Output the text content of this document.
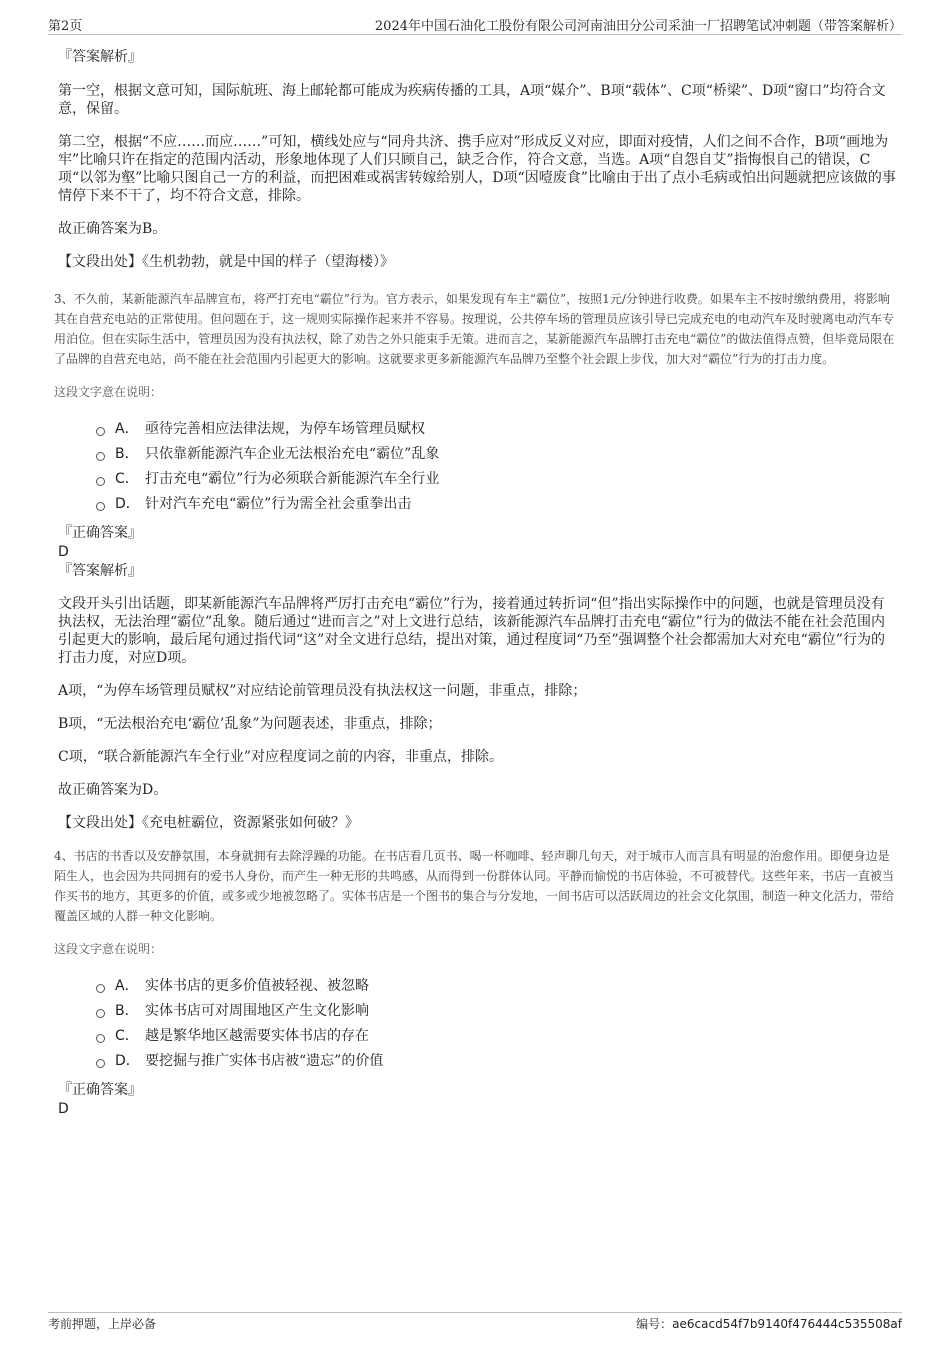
第2页	2024年中国石油化工股份有限公司河南油田分公司采油一厂招聘笔试冲刺题（带答案解析）

『答案解析』

第一空，根据文意可知，国际航班、海上邮轮都可能成为疾病传播的工具，A项“媒介”、B项“载体”、C项“桥梁”、D项“窗口”均符合文意，保留。

第二空，根据“不应……而应……”可知，横线处应与“同舟共济、携手应对”形成反义对应，即面对疫情，人们之间不合作，B项“画地为牢”比喻只许在指定的范围内活动，形象地体现了人们只顾自己，缺乏合作，符合文意，当选。A项“自怨自艾”指悔恨自己的错误，C项“以邻为壑”比喻只图自己一方的利益，而把困难或祸害转嫁给别人，D项“因噎废食”比喻由于出了点小毛病或怕出问题就把应该做的事情停下来不干了，均不符合文意，排除。

故正确答案为B。

【文段出处】《生机勃勃，就是中国的样子（望海楼）》

3、不久前，某新能源汽车品牌宣布，将严打充电“霸位”行为。官方表示，如果发现有车主“霸位”，按照1元/分钟进行收费。如果车主不按时缴纳费用，将影响其在自营充电站的正常使用。但问题在于，这一规则实际操作起来并不容易。按理说，公共停车场的管理员应该引导已完成充电的电动汽车及时驶离电动汽车专用泊位。但在实际生活中，管理员因为没有执法权，除了劝告之外只能束手无策。进而言之，某新能源汽车品牌打击充电“霸位”的做法值得点赞，但毕竟局限在了品牌的自营充电站，尚不能在社会范围内引起更大的影响。这就要求更多新能源汽车品牌乃至整个社会跟上步伐，加大对“霸位”行为的打击力度。

这段文字意在说明：

A． 亟待完善相应法律法规，为停车场管理员赋权
B． 只依靠新能源汽车企业无法根治充电“霸位”乱象
C． 打击充电“霸位”行为必须联合新能源汽车全行业
D． 针对汽车充电“霸位”行为需全社会重拳出击

『正确答案』

D

『答案解析』

文段开头引出话题，即某新能源汽车品牌将严厉打击充电“霸位”行为，接着通过转折词“但”指出实际操作中的问题，也就是管理员没有执法权，无法治理“霸位”乱象。随后通过“进而言之”对上文进行总结，该新能源汽车品牌打击充电“霸位”行为的做法不能在社会范围内引起更大的影响，最后尾句通过指代词“这”对全文进行总结，提出对策，通过程度词“乃至”强调整个社会都需加大对充电“霸位”行为的打击力度，对应D项。

A项，“为停车场管理员赋权”对应结论前管理员没有执法权这一问题，非重点，排除；

B项，“无法根治充电‘霸位’乱象”为问题表述，非重点，排除；

C项，“联合新能源汽车全行业”对应程度词之前的内容，非重点，排除。

故正确答案为D。

【文段出处】《充电桩霸位，资源紧张如何破？》

4、书店的书香以及安静氛围，本身就拥有去除浮躁的功能。在书店看几页书、喝一杯咖啡、轻声聊几句天，对于城市人而言具有明显的治愈作用。即便身边是陌生人，也会因为共同拥有的爱书人身份，而产生一种无形的共鸣感，从而得到一份群体认同。平静而愉悦的书店体验，不可被替代。这些年来，书店一直被当作买书的地方，其更多的价值，或多或少地被忽略了。实体书店是一个图书的集合与分发地，一间书店可以活跃周边的社会文化氛围，制造一种文化活力，带给覆盖区域的人群一种文化影响。

这段文字意在说明：

A． 实体书店的更多价值被轻视、被忽略
B． 实体书店可对周围地区产生文化影响
C． 越是繁华地区越需要实体书店的存在
D． 要挖掘与推广实体书店被“遗忘”的价值

『正确答案』

D

考前押题，上岸必备	编号：ae6cacd54f7b9140f476444c535508af
